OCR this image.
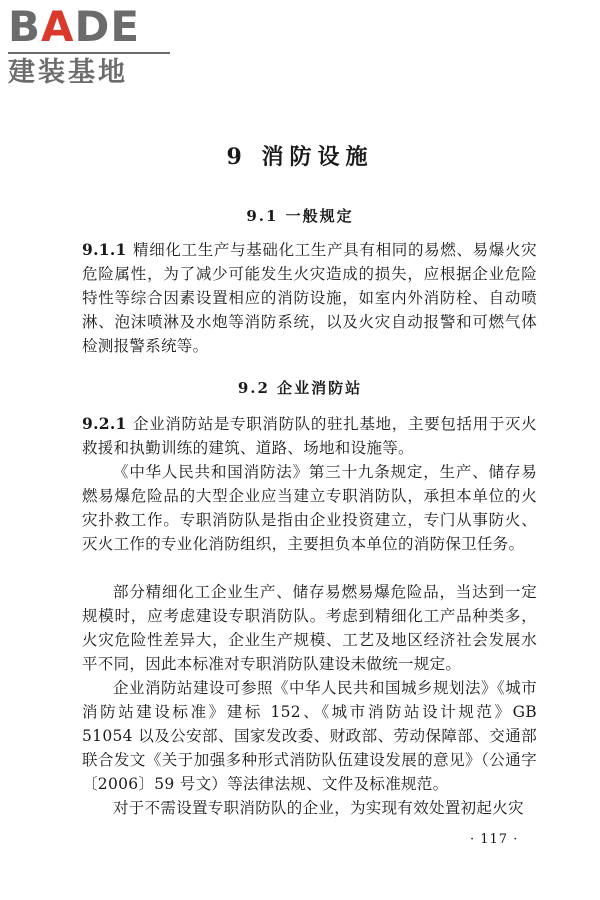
BADE
建装基地
9 消防设施
9.1 一般规定

9.1.1 精细化工生产与基础化工生产具有相同的易燃、易爆火灾危险属性，为了减少可能发生火灾造成的损失，应根据企业危险特性等综合因素设置相应的消防设施，如室内外消防栓、自动喷淋、泡沫喷淋及水炮等消防系统，以及火灾自动报警和可燃气体检测报警系统等。

9.2 企业消防站

9.2.1 企业消防站是专职消防队的驻扎基地，主要包括用于灭火救援和执勤训练的建筑、道路、场地和设施等。

《中华人民共和国消防法》第三十九条规定，生产、储存易燃易爆危险品的大型企业应当建立专职消防队，承担本单位的火灾扑救工作。专职消防队是指由企业投资建立，专门从事防火、灭火工作的专业化消防组织，主要担负本单位的消防保卫任务。

部分精细化工企业生产、储存易燃易爆危险品，当达到一定规模时，应考虑建设专职消防队。考虑到精细化工产品种类多，火灾危险性差异大，企业生产规模、工艺及地区经济社会发展水平不同，因此本标准对专职消防队建设未做统一规定。

企业消防站建设可参照《中华人民共和国城乡规划法》《城市消防站建设标准》建标 152、《城市消防站设计规范》GB 51054 以及公安部、国家发改委、财政部、劳动保障部、交通部联合发文《关于加强多种形式消防队伍建设发展的意见》（公通字〔2006〕59 号文）等法律法规、文件及标准规范。

对于不需设置专职消防队的企业，为实现有效处置初起火灾

· 117 ·
